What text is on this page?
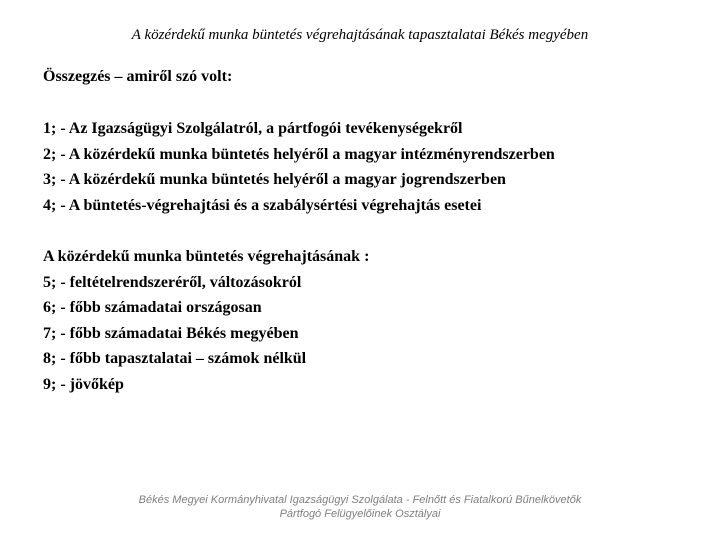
A közérdekű munka büntetés végrehajtásának tapasztalatai Békés megyében
Összegzés – amiről szó volt:
1; - Az Igazságügyi Szolgálatról, a pártfogói tevékenységekről
2; - A közérdekű munka büntetés helyéről a magyar intézményrendszerben
3; - A közérdekű munka büntetés helyéről a magyar jogrendszerben
4; - A büntetés-végrehajtási és a szabálysértési végrehajtás esetei
A közérdekű munka büntetés végrehajtásának :
5; - feltételrendszeréről, változásokról
6; - főbb számadatai országosan
7; - főbb számadatai Békés megyében
8; - főbb tapasztalatai – számok nélkül
9; - jövőkép
Békés Megyei Kormányhivatal Igazságügyi Szolgálata - Felnőtt és Fiatalkorú Bűnelkövetők
Pártfogó Felügyelőinek Osztályai
